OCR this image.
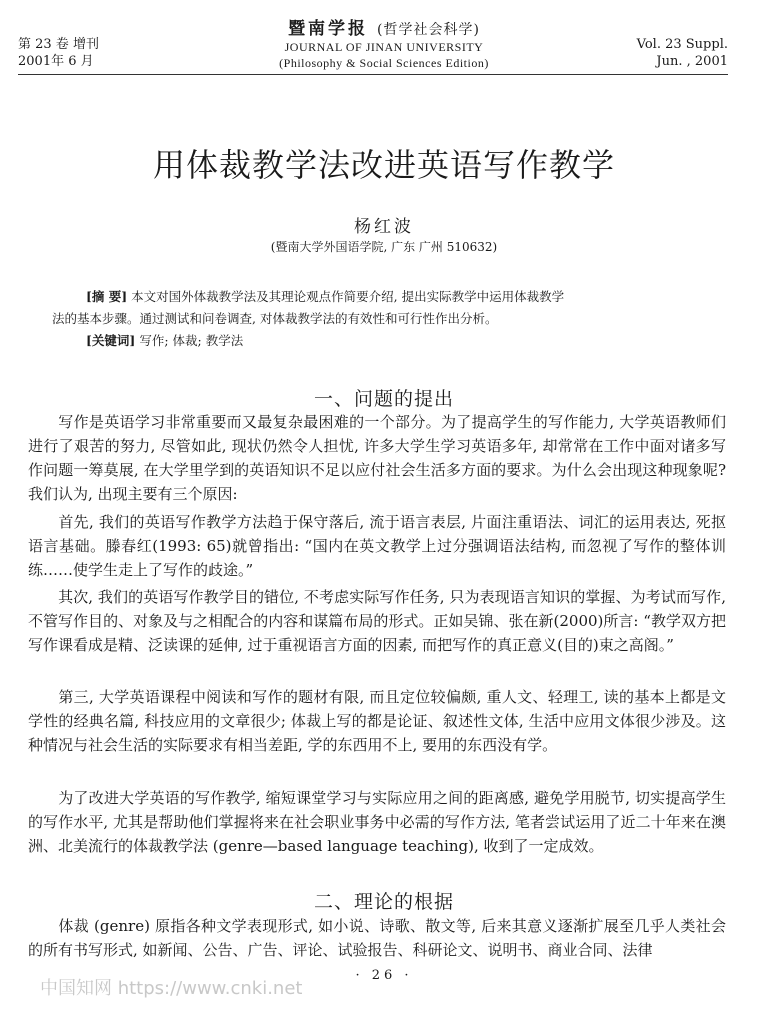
第 23 卷 增刊
2001年 6 月
暨南学报 (哲学社会科学)
JOURNAL OF JINAN UNIVERSITY
(Philosophy & Social Sciences Edition)
Vol. 23 Suppl.
Jun. , 2001
用体裁教学法改进英语写作教学
杨红波
(暨南大学外国语学院, 广东 广州 510632)
[摘 要] 本文对国外体裁教学法及其理论观点作简要介绍, 提出实际教学中运用体裁教学
法的基本步骤。通过测试和问卷调查, 对体裁教学法的有效性和可行性作出分析。
[关键词] 写作; 体裁; 教学法
一、问题的提出
写作是英语学习非常重要而又最复杂最困难的一个部分。为了提高学生的写作能力, 大学英语教师们进行了艰苦的努力, 尽管如此, 现状仍然令人担忧, 许多大学生学习英语多年, 却常常在工作中面对诸多写作问题一筹莫展, 在大学里学到的英语知识不足以应付社会生活多方面的要求。为什么会出现这种现象呢? 我们认为, 出现主要有三个原因:
首先, 我们的英语写作教学方法趋于保守落后, 流于语言表层, 片面注重语法、词汇的运用表达, 死抠语言基础。滕春红(1993: 65)就曾指出: “国内在英文教学上过分强调语法结构, 而忽视了写作的整体训练……使学生走上了写作的歧途。”
其次, 我们的英语写作教学目的错位, 不考虑实际写作任务, 只为表现语言知识的掌握、为考试而写作, 不管写作目的、对象及与之相配合的内容和谋篇布局的形式。正如吴锦、张在新(2000)所言: “教学双方把写作课看成是精、泛读课的延伸, 过于重视语言方面的因素, 而把写作的真正意义(目的)束之高阁。”
第三, 大学英语课程中阅读和写作的题材有限, 而且定位较偏颇, 重人文、轻理工, 读的基本上都是文学性的经典名篇, 科技应用的文章很少; 体裁上写的都是论证、叙述性文体, 生活中应用文体很少涉及。这种情况与社会生活的实际要求有相当差距, 学的东西用不上, 要用的东西没有学。
为了改进大学英语的写作教学, 缩短课堂学习与实际应用之间的距离感, 避免学用脱节, 切实提高学生的写作水平, 尤其是帮助他们掌握将来在社会职业事务中必需的写作方法, 笔者尝试运用了近二十年来在澳洲、北美流行的体裁教学法 (genre—based language teaching), 收到了一定成效。
二、理论的根据
体裁 (genre) 原指各种文学表现形式, 如小说、诗歌、散文等, 后来其意义逐渐扩展至几乎人类社会的所有书写形式, 如新闻、公告、广告、评论、试验报告、科研论文、说明书、商业合同、法律
· 26 ·
中国知网 https://www.cnki.net
